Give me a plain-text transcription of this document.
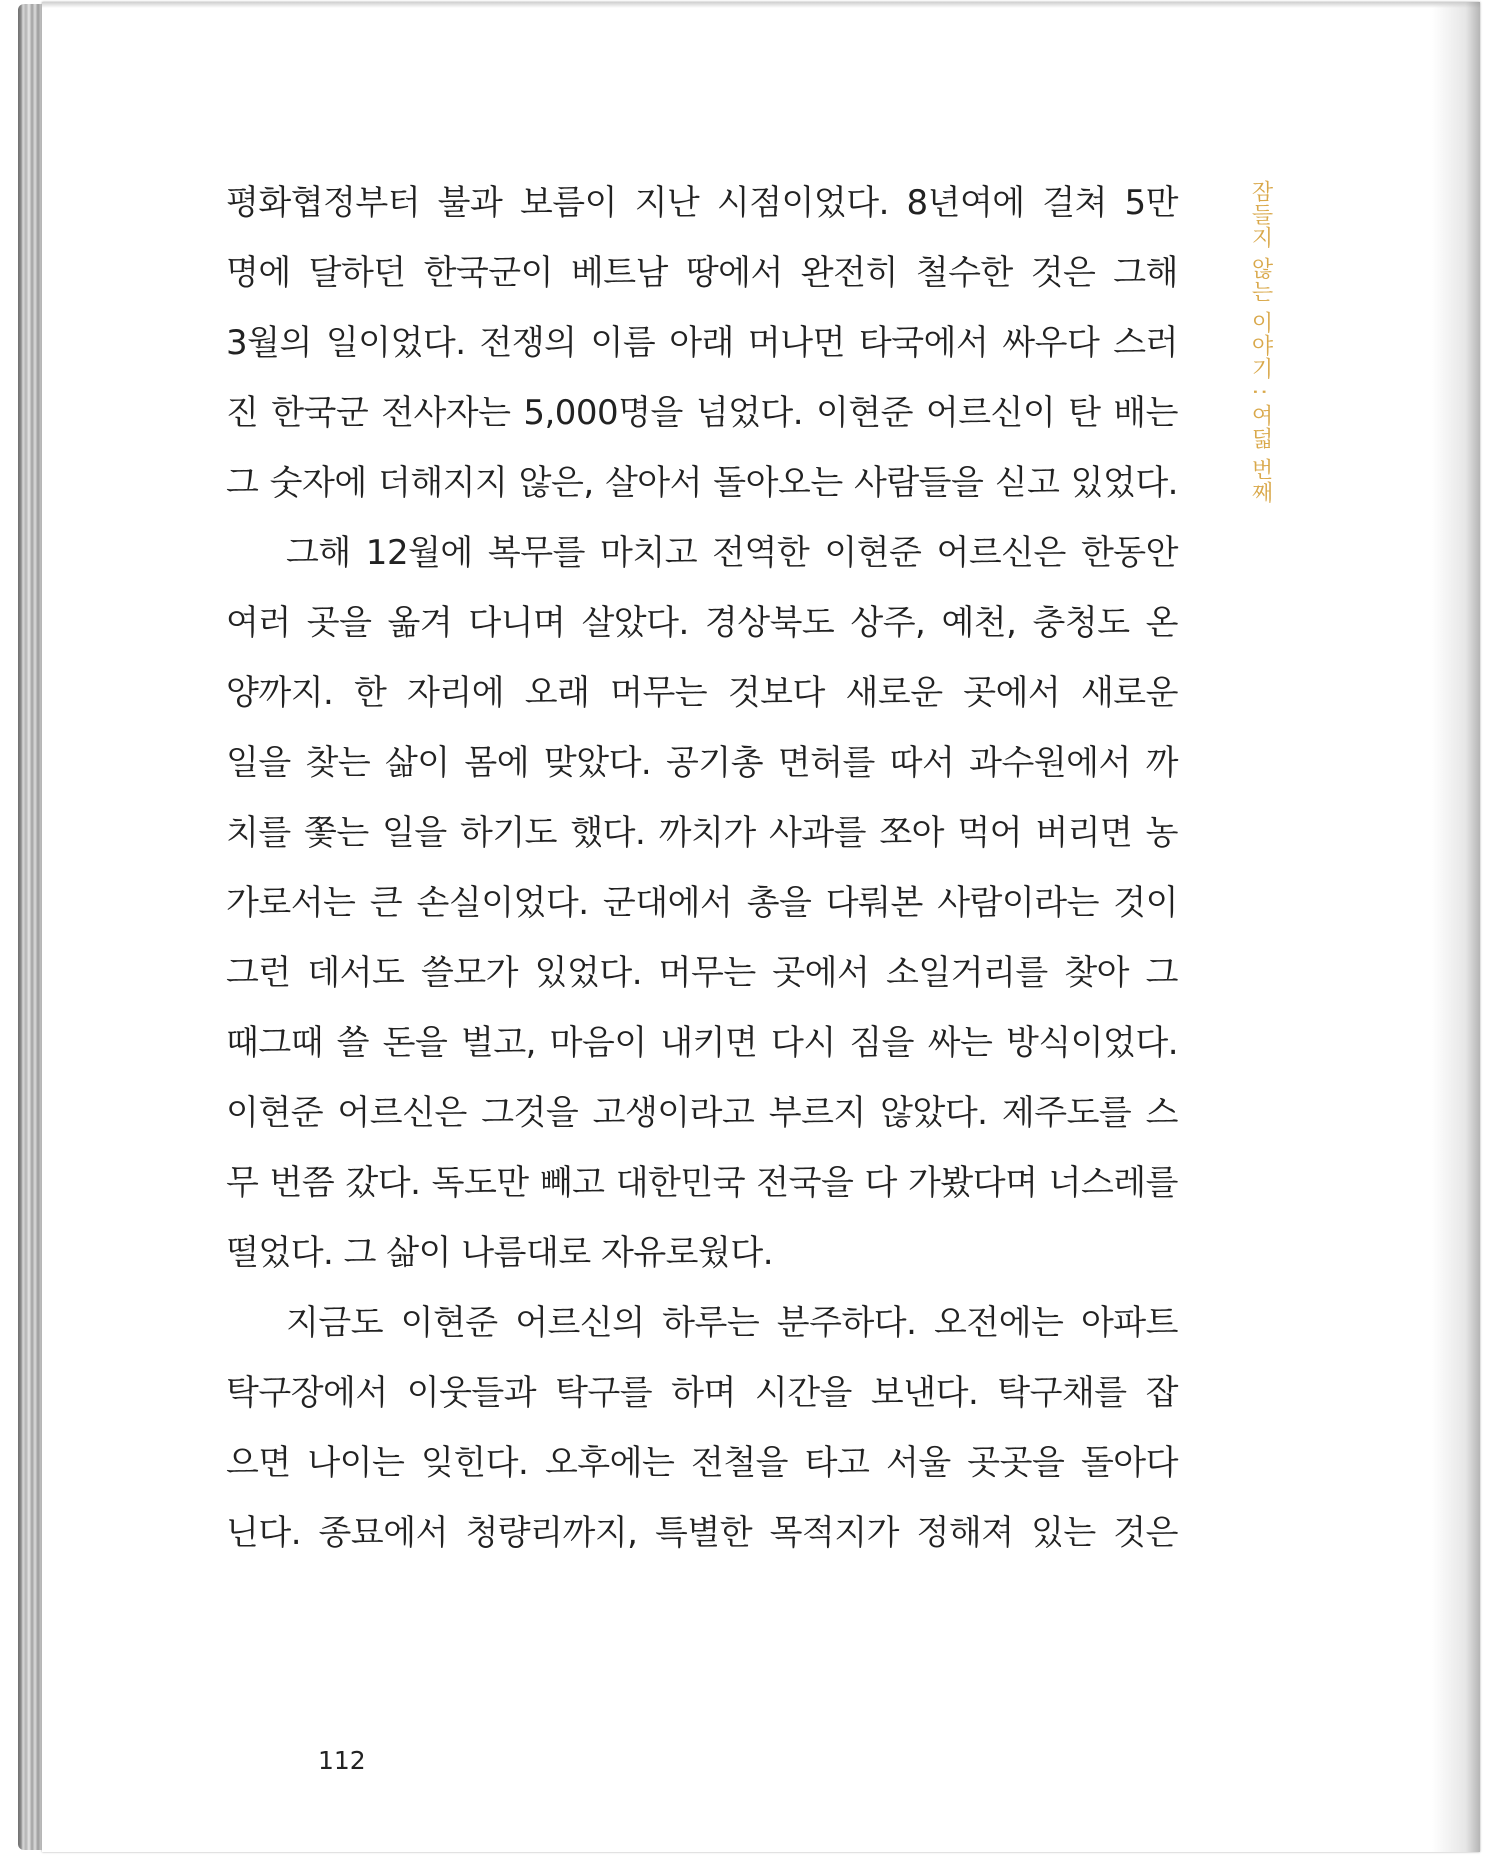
평화협정부터 불과 보름이 지난 시점이었다. 8년여에 걸쳐 5만
명에 달하던 한국군이 베트남 땅에서 완전히 철수한 것은 그해
3월의 일이었다. 전쟁의 이름 아래 머나먼 타국에서 싸우다 스러
진 한국군 전사자는 5,000명을 넘었다. 이현준 어르신이 탄 배는
그 숫자에 더해지지 않은, 살아서 돌아오는 사람들을 싣고 있었다.
그해 12월에 복무를 마치고 전역한 이현준 어르신은 한동안
여러 곳을 옮겨 다니며 살았다. 경상북도 상주, 예천, 충청도 온
양까지. 한 자리에 오래 머무는 것보다 새로운 곳에서 새로운
일을 찾는 삶이 몸에 맞았다. 공기총 면허를 따서 과수원에서 까
치를 쫓는 일을 하기도 했다. 까치가 사과를 쪼아 먹어 버리면 농
가로서는 큰 손실이었다. 군대에서 총을 다뤄본 사람이라는 것이
그런 데서도 쓸모가 있었다. 머무는 곳에서 소일거리를 찾아 그
때그때 쓸 돈을 벌고, 마음이 내키면 다시 짐을 싸는 방식이었다.
이현준 어르신은 그것을 고생이라고 부르지 않았다. 제주도를 스
무 번쯤 갔다. 독도만 빼고 대한민국 전국을 다 가봤다며 너스레를
떨었다. 그 삶이 나름대로 자유로웠다.
지금도 이현준 어르신의 하루는 분주하다. 오전에는 아파트
탁구장에서 이웃들과 탁구를 하며 시간을 보낸다. 탁구채를 잡
으면 나이는 잊힌다. 오후에는 전철을 타고 서울 곳곳을 돌아다
닌다. 종묘에서 청량리까지, 특별한 목적지가 정해져 있는 것은
잠들지 않는 이야기 : 여덟 번째
112
